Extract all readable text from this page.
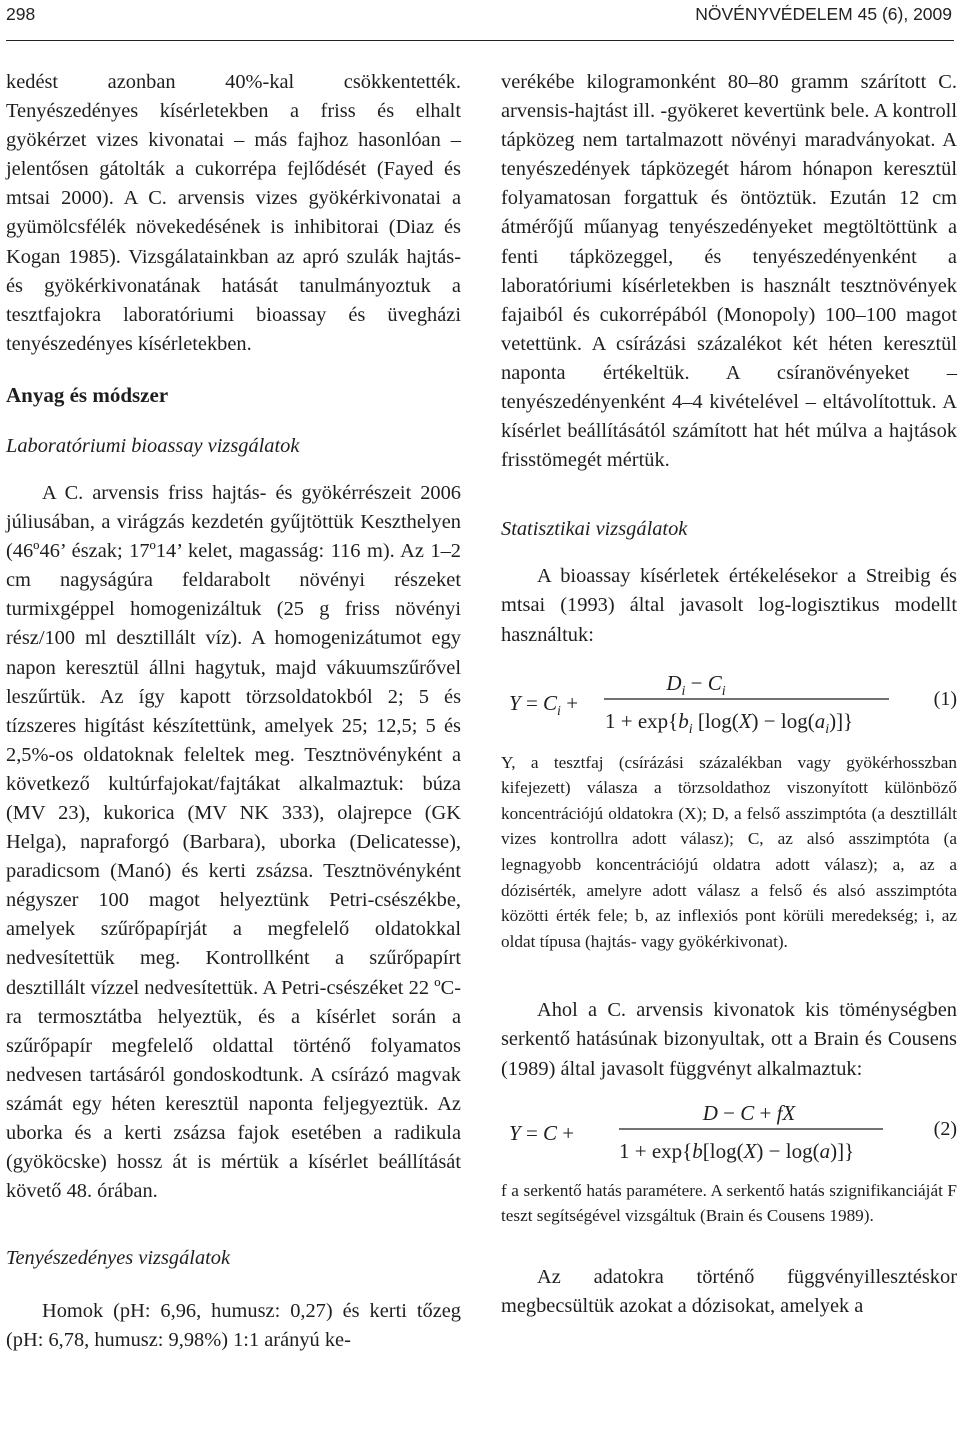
298	NÖVÉNYVÉDELEM 45 (6), 2009

kedést azonban 40%-kal csökkentették. Tenyészedényes kísérletekben a friss és elhalt gyökérzet vizes kivonatai – más fajhoz hasonlóan – jelentősen gátolták a cukorrépa fejlődését (Fayed és mtsai 2000). A C. arvensis vizes gyökérkivonatai a gyümölcsfélék növekedésének is inhibitorai (Diaz és Kogan 1985). Vizsgálatainkban az apró szulák hajtás- és gyökérkivonatának hatását tanulmányoztuk a tesztfajokra laboratóriumi bioassay és üvegházi tenyészedényes kísérletekben.

Anyag és módszer

Laboratóriumi bioassay vizsgálatok

A C. arvensis friss hajtás- és gyökérrészeit 2006 júliusában, a virágzás kezdetén gyűjtöttük Keszthelyen (46º46’ észak; 17º14’ kelet, magasság: 116 m). Az 1–2 cm nagyságúra feldarabolt növényi részeket turmixgéppel homogenizáltuk (25 g friss növényi rész/100 ml desztillált víz). A homogenizátumot egy napon keresztül állni hagytuk, majd vákuumszűrővel leszűrtük. Az így kapott törzsoldatokból 2; 5 és tízszeres higítást készítettünk, amelyek 25; 12,5; 5 és 2,5%-os oldatoknak feleltek meg. Tesztnövényként a következő kultúrfajokat/fajtákat alkalmaztuk: búza (MV 23), kukorica (MV NK 333), olajrepce (GK Helga), napraforgó (Barbara), uborka (Delicatesse), paradicsom (Manó) és kerti zsázsa. Tesztnövényként négyszer 100 magot helyeztünk Petri-csészékbe, amelyek szűrőpapírját a megfelelő oldatokkal nedvesítettük meg. Kontrollként a szűrőpapírt desztillált vízzel nedvesítettük. A Petri-csészéket 22 ºC-ra termosztátba helyeztük, és a kísérlet során a szűrőpapír megfelelő oldattal történő folyamatos nedvesen tartásáról gondoskodtunk. A csírázó magvak számát egy héten keresztül naponta feljegyeztük. Az uborka és a kerti zsázsa fajok esetében a radikula (gyököcske) hossz át is mértük a kísérlet beállítását követő 48. órában.

Tenyészedényes vizsgálatok

Homok (pH: 6,96, humusz: 0,27) és kerti tőzeg (pH: 6,78, humusz: 9,98%) 1:1 arányú ke-

verékébe kilogramonként 80–80 gramm szárított C. arvensis-hajtást ill. -gyökeret kevertünk bele. A kontroll tápközeg nem tartalmazott növényi maradványokat. A tenyészedények tápközegét három hónapon keresztül folyamatosan forgattuk és öntöztük. Ezután 12 cm átmérőjű műanyag tenyészedényeket megtöltöttünk a fenti tápközeggel, és tenyészedényenként a laboratóriumi kísérletekben is használt tesztnövények fajaiból és cukorrépából (Monopoly) 100–100 magot vetettünk. A csírázási százalékot két héten keresztül naponta értékeltük. A csíranövényeket – tenyészedényenként 4–4 kivételével – eltávolítottuk. A kísérlet beállításától számított hat hét múlva a hajtások frisstömegét mértük.

Statisztikai vizsgálatok

A bioassay kísérletek értékelésekor a Streibig és mtsai (1993) által javasolt log-logisztikus modellt használtuk:

$Y = C_i$ +
$D_i - C_i$
$1 + \exp\{b_i$ $[\log(X) - \log(a_i)]$}
(1)

Y, a tesztfaj (csírázási százalékban vagy gyökérhosszban kifejezett) válasza a törzsoldathoz viszonyított különböző koncentrációjú oldatokra (X); D, a felső asszimptóta (a desztillált vizes kontrollra adott válasz); C, az alsó asszimptóta (a legnagyobb koncentrációjú oldatra adott válasz); a, az a dózisérték, amelyre adott válasz a felső és alsó asszimptóta közötti érték fele; b, az inflexiós pont körüli meredekség; i, az oldat típusa (hajtás- vagy gyökérkivonat).

Ahol a C. arvensis kivonatok kis töménységben serkentő hatásúnak bizonyultak, ott a Brain és Cousens (1989) által javasolt függvényt alkalmaztuk:

Y = C +
D − C + fX
1 + exp{b[log(X) − log(a)]}
(2)

f a serkentő hatás paramétere. A serkentő hatás szignifikanciáját F teszt segítségével vizsgáltuk (Brain és Cousens 1989).

Az adatokra történő függvényillesztéskor megbecsültük azokat a dózisokat, amelyek a
